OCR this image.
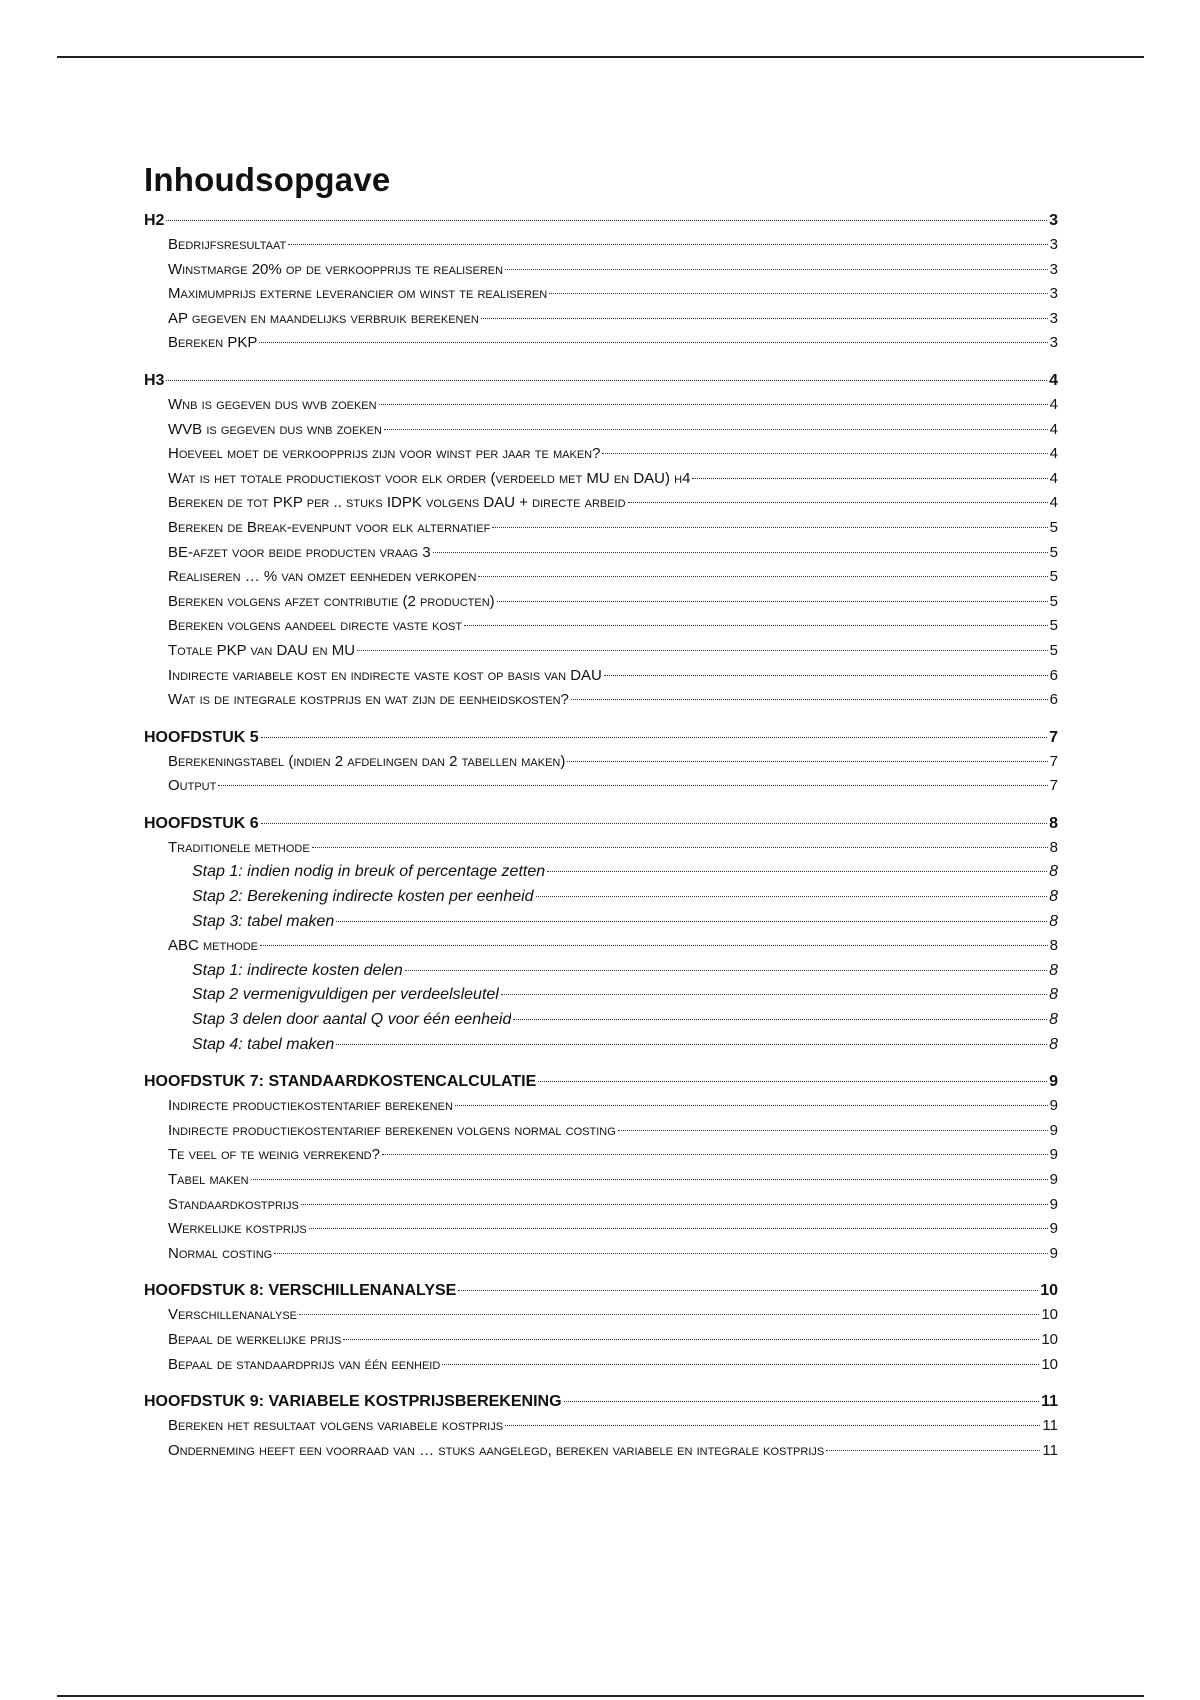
Inhoudsopgave
H2	3
Bedrijfsresultaat	3
Winstmarge 20% op de verkoopprijs te realiseren	3
Maximumprijs externe leverancier om winst te realiseren	3
AP gegeven en maandelijks verbruik berekenen	3
Bereken PKP	3
H3	4
Wnb is gegeven dus wvb zoeken	4
WVB is gegeven dus wnb zoeken	4
Hoeveel moet de verkoopprijs zijn voor winst per jaar te maken?	4
Wat is het totale productiekost voor elk order (verdeeld met MU en DAU) h4	4
Bereken de tot PKP per .. stuks IDPK volgens DAU + directe arbeid	4
Bereken de Break-evenpunt voor elk alternatief	5
BE-afzet voor beide producten vraag 3	5
Realiseren … % van omzet eenheden verkopen	5
Bereken volgens afzet contributie (2 producten)	5
Bereken volgens aandeel directe vaste kost	5
Totale PKP van DAU en MU	5
Indirecte variabele kost en indirecte vaste kost op basis van DAU	6
Wat is de integrale kostprijs en wat zijn de eenheidskosten?	6
HOOFDSTUK 5	7
Berekeningstabel (indien 2 afdelingen dan 2 tabellen maken)	7
Output	7
HOOFDSTUK 6	8
Traditionele methode	8
Stap 1: indien nodig in breuk of percentage zetten	8
Stap 2: Berekening indirecte kosten per eenheid	8
Stap 3: tabel maken	8
ABC methode	8
Stap 1: indirecte kosten delen	8
Stap 2 vermenigvuldigen per verdeelsleutel	8
Stap 3 delen door aantal Q voor één eenheid	8
Stap 4: tabel maken	8
HOOFDSTUK 7: STANDAARDKOSTENCALCULATIE	9
Indirecte productiekostentarief berekenen	9
Indirecte productiekostentarief berekenen volgens normal costing	9
Te veel of te weinig verrekend?	9
Tabel maken	9
Standaardkostprijs	9
Werkelijke kostprijs	9
Normal costing	9
HOOFDSTUK 8: VERSCHILLENANALYSE	10
Verschillenanalyse	10
Bepaal de werkelijke prijs	10
Bepaal de standaardprijs van één eenheid	10
HOOFDSTUK 9: VARIABELE KOSTPRIJSBEREKENING	11
Bereken het resultaat volgens variabele kostprijs	11
Onderneming heeft een voorraad van … stuks aangelegd, bereken variabele en integrale kostprijs	11
